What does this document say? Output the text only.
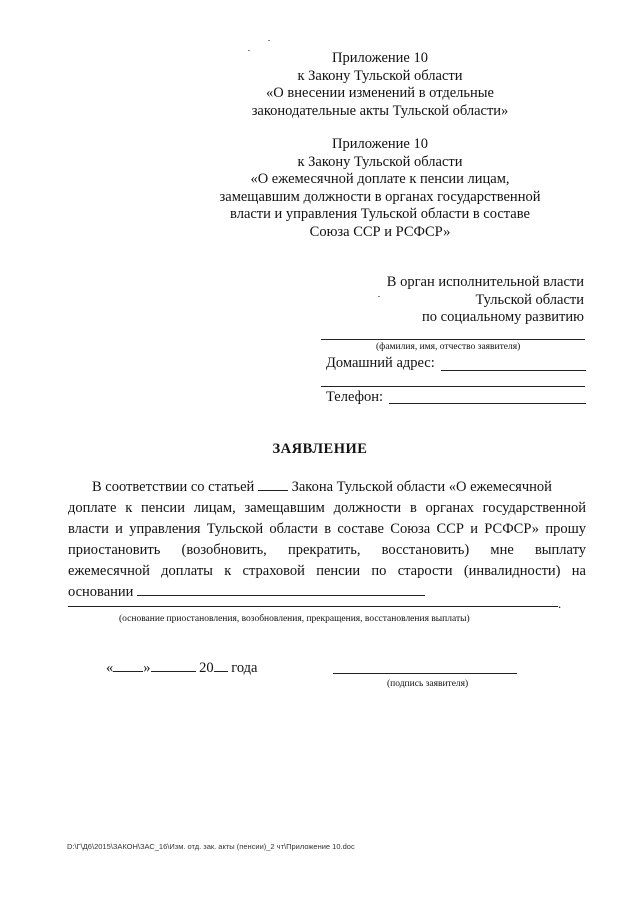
Приложение 10
к Закону Тульской области
«О внесении изменений в отдельные
законодательные акты Тульской области»
Приложение 10
к Закону Тульской области
«О ежемесячной доплате к пенсии лицам,
замещавшим должности в органах государственной
власти и управления Тульской области в составе
Союза ССР и РСФСР»
В орган исполнительной власти
Тульской области
по социальному развитию
(фамилия, имя, отчество заявителя)
Домашний адрес:
Телефон:
ЗАЯВЛЕНИЕ
В соответствии со статьей	Закона Тульской области «О ежемесячной
доплате к пенсии лицам, замещавшим должности в органах государственной
власти и управления Тульской области в составе Союза ССР и РСФСР» прошу
приостановить (возобновить, прекратить, восстановить) мне выплату
ежемесячной доплаты к страховой пенсии по старости (инвалидности) на
основании
.
(основание приостановления, возобновления, прекращения, восстановления выплаты)
« »	20 года
(подпись заявителя)
D:\Г\Д6\2015\ЗАКОН\ЗАС_16\Изм. отд. зак. акты (пенсии)_2 чт\Приложение 10.doc
